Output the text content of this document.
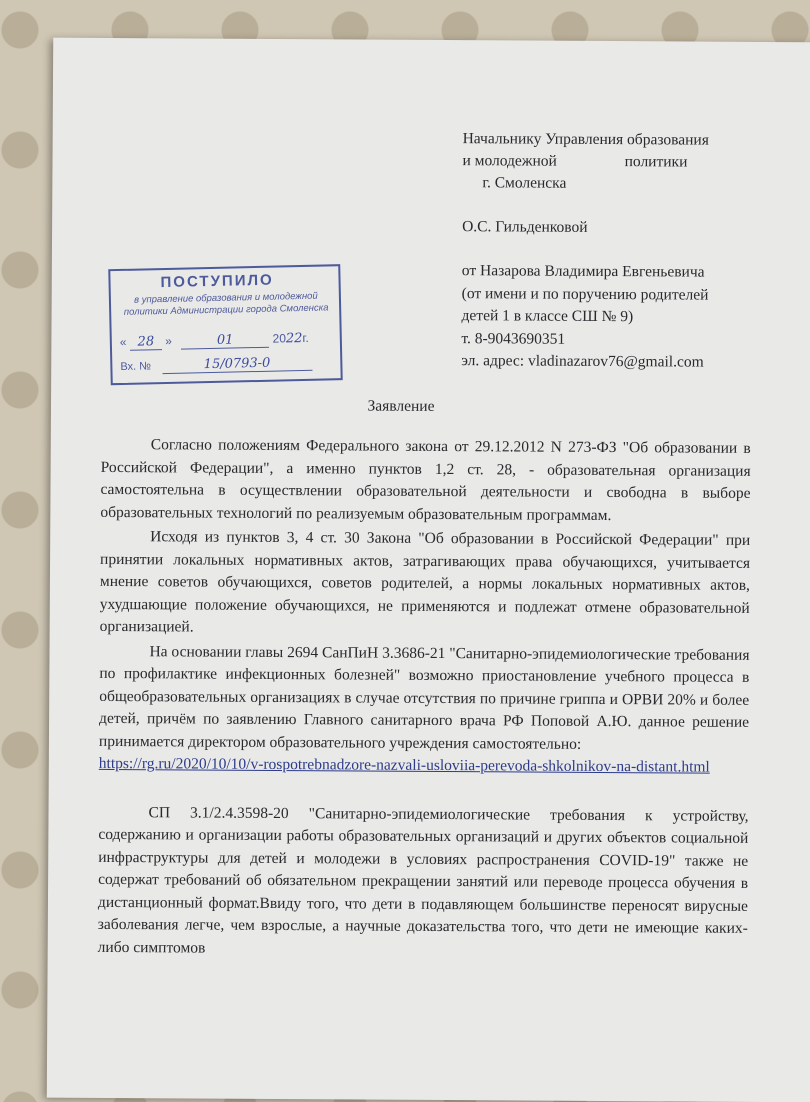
Начальнику Управления образования
и молодежной	политики
г. Смоленска
О.С. Гильденковой
от Назарова Владимира Евгеньевича
(от имени и по поручению родителей
детей 1 в классе СШ № 9)
т. 8-9043690351
эл. адрес: vladinazarov76@gmail.com
ПОСТУПИЛО
в управление образования и молодежной политики Администрации города Смоленска
« 28 »	01	2022г.
Вх. №	15/0793-0
Заявление

Согласно положениям Федерального закона от 29.12.2012 N 273-ФЗ "Об образовании в Российской Федерации", а именно пунктов 1,2 ст. 28, - образовательная организация самостоятельна в осуществлении образовательной деятельности и свободна в выборе образовательных технологий по реализуемым образовательным программам.

Исходя из пунктов 3, 4 ст. 30 Закона "Об образовании в Российской Федерации" при принятии локальных нормативных актов, затрагивающих права обучающихся, учитывается мнение советов обучающихся, советов родителей, а нормы локальных нормативных актов, ухудшающие положение обучающихся, не применяются и подлежат отмене образовательной организацией.

На основании главы 2694 СанПиН 3.3686-21 "Санитарно-эпидемиологические требования по профилактике инфекционных болезней" возможно приостановление учебного процесса в общеобразовательных организациях в случае отсутствия по причине гриппа и ОРВИ 20% и более детей, причём по заявлению Главного санитарного врача РФ Поповой А.Ю. данное решение принимается директором образовательного учреждения самостоятельно:

https://rg.ru/2020/10/10/v-rospotrebnadzore-nazvali-usloviia-perevoda-shkolnikov-na-distant.html

СП 3.1/2.4.3598-20 "Санитарно-эпидемиологические требования к устройству, содержанию и организации работы образовательных организаций и других объектов социальной инфраструктуры для детей и молодежи в условиях распространения COVID-19" также не содержат требований об обязательном прекращении занятий или переводе процесса обучения в дистанционный формат.Ввиду того, что дети в подавляющем большинстве переносят вирусные заболевания легче, чем взрослые, а научные доказательства того, что дети не имеющие каких-либо симптомов
